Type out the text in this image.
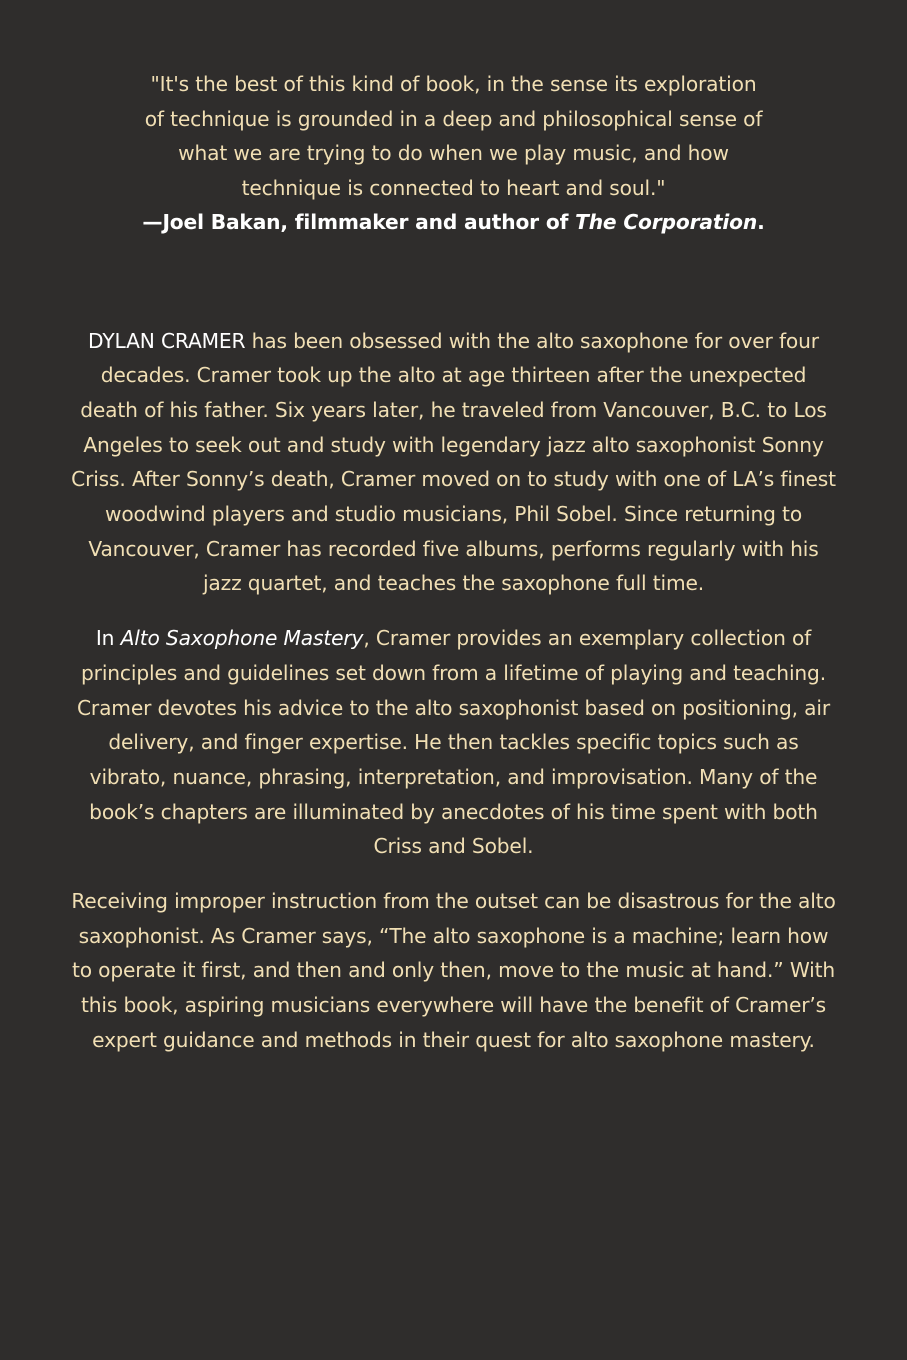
"It's the best of this kind of book, in the sense its exploration
of technique is grounded in a deep and philosophical sense of
what we are trying to do when we play music, and how
technique is connected to heart and soul."

—Joel Bakan, filmmaker and author of The Corporation.

DYLAN CRAMER has been obsessed with the alto saxophone for over four decades. Cramer took up the alto at age thirteen after the unexpected death of his father. Six years later, he traveled from Vancouver, B.C. to Los Angeles to seek out and study with legendary jazz alto saxophonist Sonny Criss. After Sonny’s death, Cramer moved on to study with one of LA’s finest woodwind players and studio musicians, Phil Sobel. Since returning to Vancouver, Cramer has recorded five albums, performs regularly with his jazz quartet, and teaches the saxophone full time.

In Alto Saxophone Mastery, Cramer provides an exemplary collection of principles and guidelines set down from a lifetime of playing and teaching. Cramer devotes his advice to the alto saxophonist based on positioning, air delivery, and finger expertise. He then tackles specific topics such as vibrato, nuance, phrasing, interpretation, and improvisation. Many of the book’s chapters are illuminated by anecdotes of his time spent with both Criss and Sobel.

Receiving improper instruction from the outset can be disastrous for the alto saxophonist. As Cramer says, “The alto saxophone is a machine; learn how to operate it first, and then and only then, move to the music at hand.” With this book, aspiring musicians everywhere will have the benefit of Cramer’s expert guidance and methods in their quest for alto saxophone mastery.
